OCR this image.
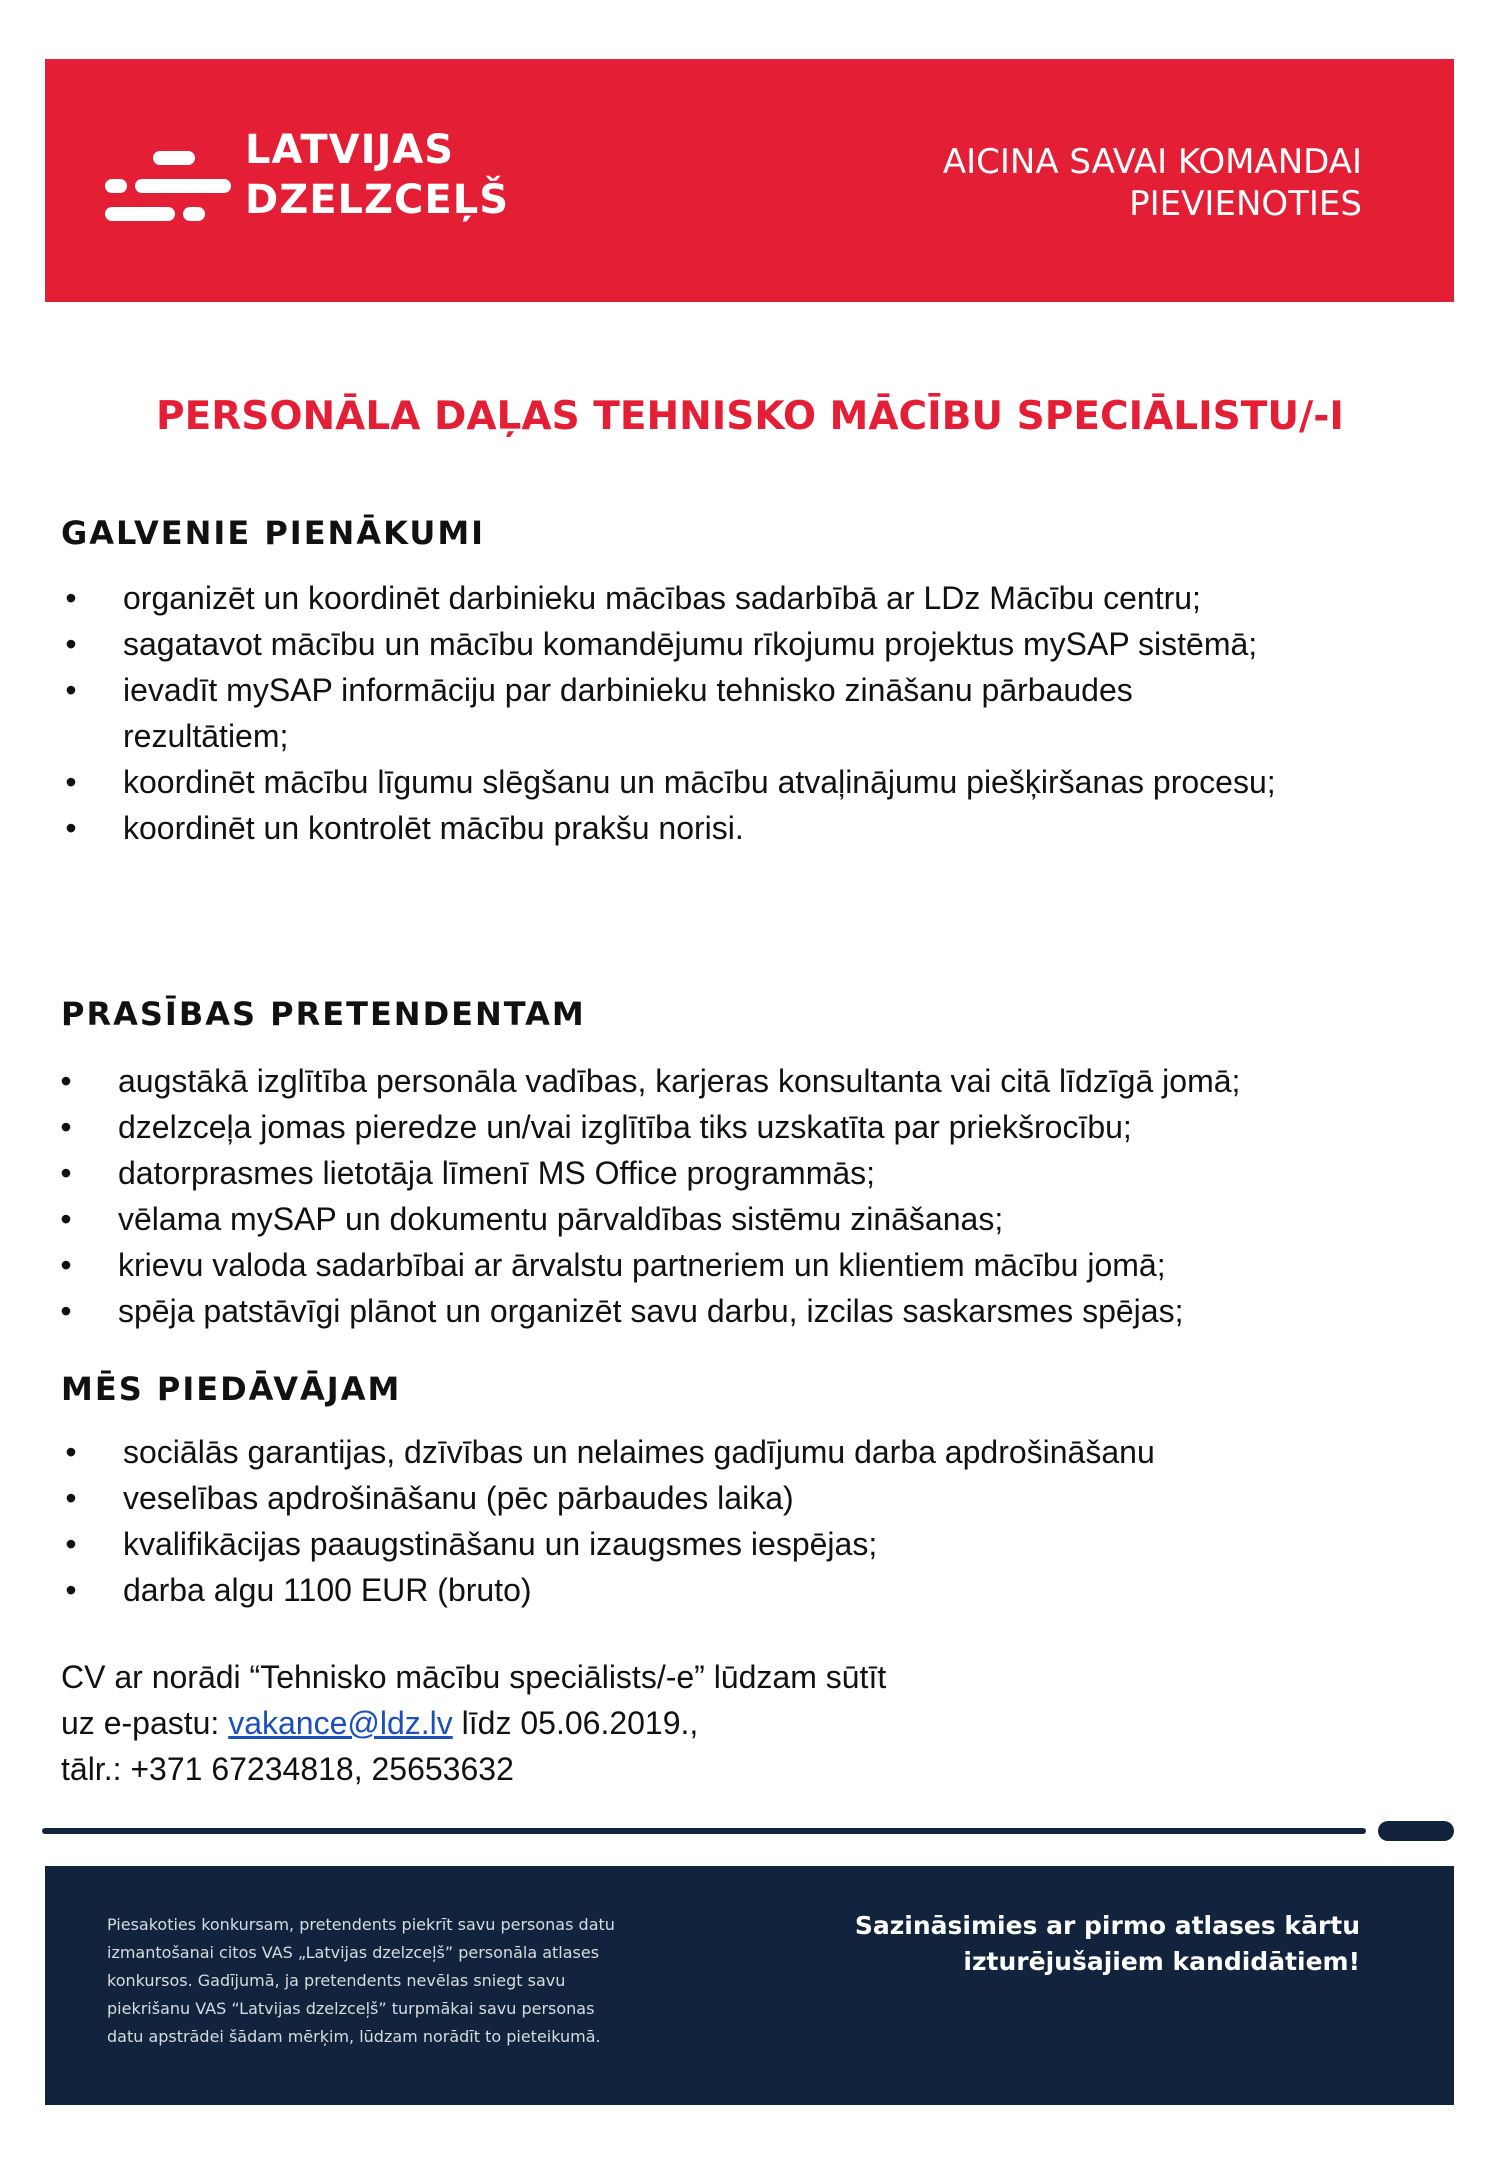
LATVIJAS
DZELZCEĻŠ
AICINA SAVAI KOMANDAI
PIEVIENOTIES
PERSONĀLA DAĻAS TEHNISKO MĀCĪBU SPECIĀLISTU/-I
GALVENIE PIENĀKUMI
• organizēt un koordinēt darbinieku mācības sadarbībā ar LDz Mācību centru;
• sagatavot mācību un mācību komandējumu rīkojumu projektus mySAP sistēmā;
• ievadīt mySAP informāciju par darbinieku tehnisko zināšanu pārbaudes rezultātiem;
• koordinēt mācību līgumu slēgšanu un mācību atvaļinājumu piešķiršanas procesu;
• koordinēt un kontrolēt mācību prakšu norisi.
PRASĪBAS PRETENDENTAM
• augstākā izglītība personāla vadības, karjeras konsultanta vai citā līdzīgā jomā;
• dzelzceļa jomas pieredze un/vai izglītība tiks uzskatīta par priekšrocību;
• datorprasmes lietotāja līmenī MS Office programmās;
• vēlama mySAP un dokumentu pārvaldības sistēmu zināšanas;
• krievu valoda sadarbībai ar ārvalstu partneriem un klientiem mācību jomā;
• spēja patstāvīgi plānot un organizēt savu darbu, izcilas saskarsmes spējas;
MĒS PIEDĀVĀJAM
• sociālās garantijas, dzīvības un nelaimes gadījumu darba apdrošināšanu
• veselības apdrošināšanu (pēc pārbaudes laika)
• kvalifikācijas paaugstināšanu un izaugsmes iespējas;
• darba algu 1100 EUR (bruto)
CV ar norādi “Tehnisko mācību speciālists/-e” lūdzam sūtīt
uz e-pastu: vakance@ldz.lv līdz 05.06.2019.,
tālr.: +371 67234818, 25653632
Piesakoties konkursam, pretendents piekrīt savu personas datu
izmantošanai citos VAS „Latvijas dzelzceļš” personāla atlases
konkursos. Gadījumā, ja pretendents nevēlas sniegt savu
piekrišanu VAS “Latvijas dzelzceļš” turpmākai savu personas
datu apstrādei šādam mērķim, lūdzam norādīt to pieteikumā.
Sazināsimies ar pirmo atlases kārtu
izturējušajiem kandidātiem!
